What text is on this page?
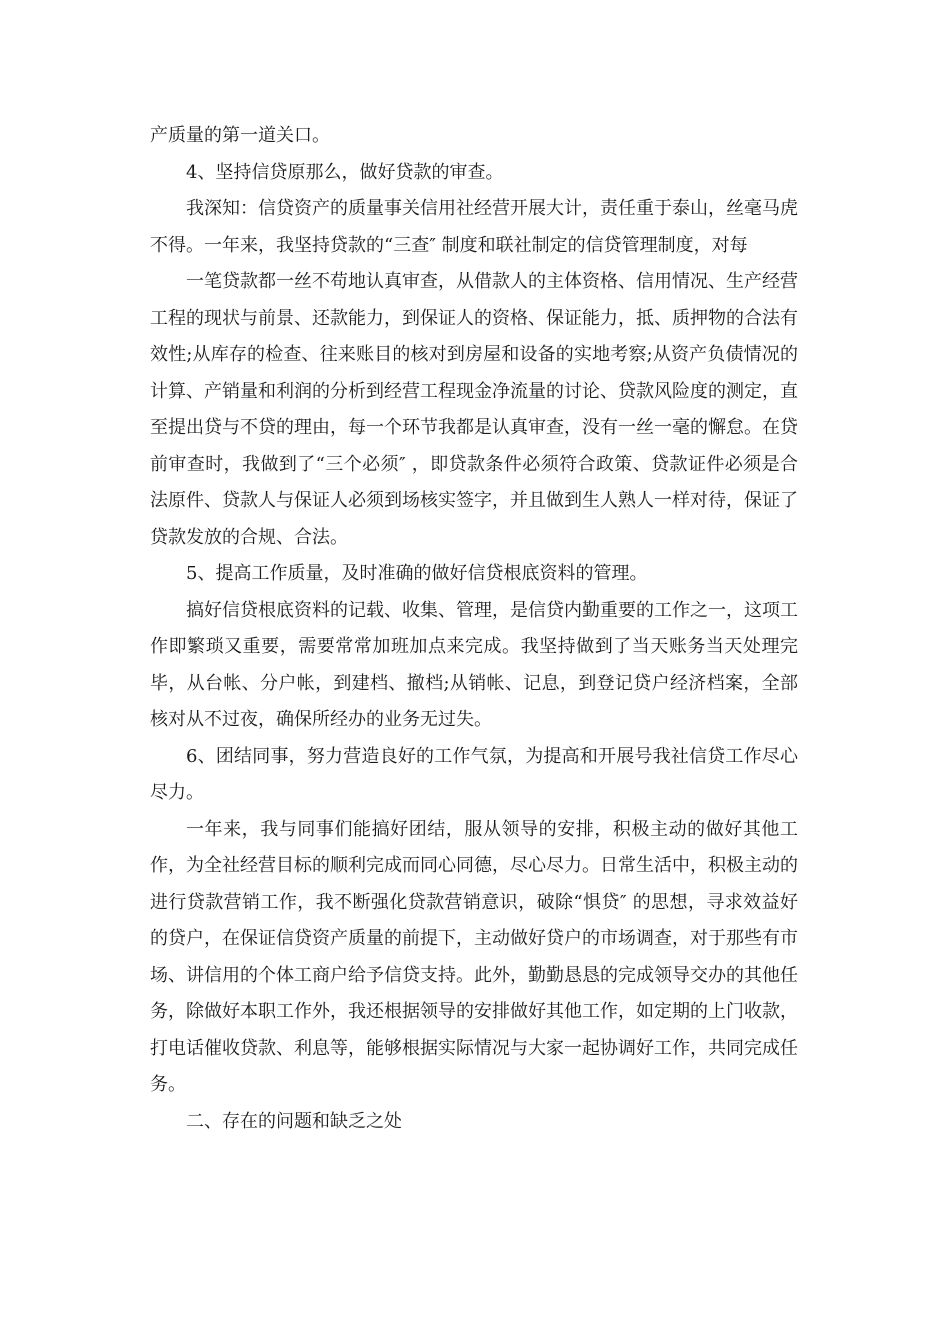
产质量的第一道关口。

4、坚持信贷原那么，做好贷款的审查。

我深知：信贷资产的质量事关信用社经营开展大计，责任重于泰山，丝毫马虎不得。一年来，我坚持贷款的“三查″ 制度和联社制定的信贷管理制度，对每

一笔贷款都一丝不苟地认真审查，从借款人的主体资格、信用情况、生产经营工程的现状与前景、还款能力，到保证人的资格、保证能力，抵、质押物的合法有效性;从库存的检查、往来账目的核对到房屋和设备的实地考察;从资产负债情况的计算、产销量和利润的分析到经营工程现金净流量的讨论、贷款风险度的测定，直至提出贷与不贷的理由，每一个环节我都是认真审查，没有一丝一毫的懈怠。在贷前审查时，我做到了“三个必须″ ，即贷款条件必须符合政策、贷款证件必须是合法原件、贷款人与保证人必须到场核实签字，并且做到生人熟人一样对待，保证了贷款发放的合规、合法。

5、提高工作质量，及时准确的做好信贷根底资料的管理。

搞好信贷根底资料的记载、收集、管理，是信贷内勤重要的工作之一，这项工作即繁琐又重要，需要常常加班加点来完成。我坚持做到了当天账务当天处理完毕，从台帐、分户帐，到建档、撤档;从销帐、记息，到登记贷户经济档案，全部核对从不过夜，确保所经办的业务无过失。

6、团结同事，努力营造良好的工作气氛，为提高和开展号我社信贷工作尽心尽力。

一年来，我与同事们能搞好团结，服从领导的安排，积极主动的做好其他工作，为全社经营目标的顺利完成而同心同德，尽心尽力。日常生活中，积极主动的进行贷款营销工作，我不断强化贷款营销意识，破除“惧贷″ 的思想，寻求效益好的贷户，在保证信贷资产质量的前提下，主动做好贷户的市场调查，对于那些有市场、讲信用的个体工商户给予信贷支持。此外，勤勤恳恳的完成领导交办的其他任务，除做好本职工作外，我还根据领导的安排做好其他工作，如定期的上门收款，打电话催收贷款、利息等，能够根据实际情况与大家一起协调好工作，共同完成任务。

二、存在的问题和缺乏之处
